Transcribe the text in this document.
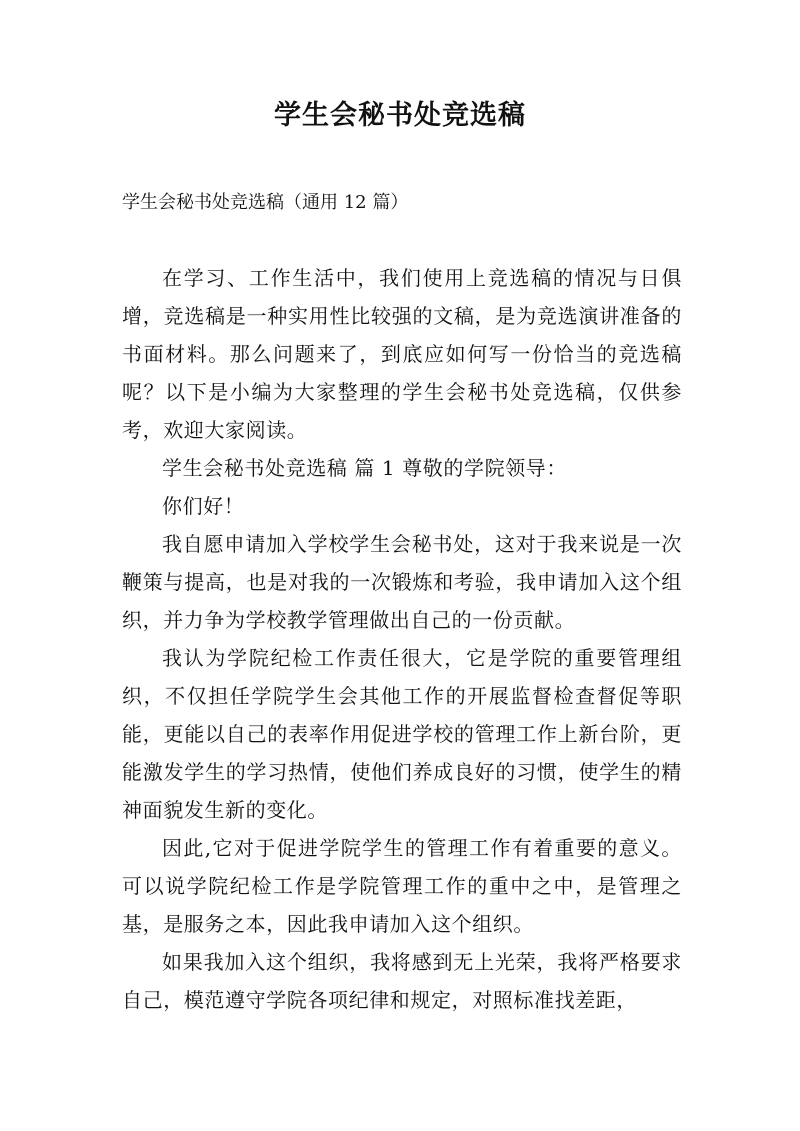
学生会秘书处竞选稿

学生会秘书处竞选稿（通用 12 篇）

在学习、工作生活中，我们使用上竞选稿的情况与日俱增，竞选稿是一种实用性比较强的文稿，是为竞选演讲准备的书面材料。那么问题来了，到底应如何写一份恰当的竞选稿呢？以下是小编为大家整理的学生会秘书处竞选稿，仅供参考，欢迎大家阅读。

学生会秘书处竞选稿 篇 1 尊敬的学院领导：

你们好！

我自愿申请加入学校学生会秘书处，这对于我来说是一次鞭策与提高，也是对我的一次锻炼和考验，我申请加入这个组织，并力争为学校教学管理做出自己的一份贡献。

我认为学院纪检工作责任很大，它是学院的重要管理组织，不仅担任学院学生会其他工作的开展监督检查督促等职能，更能以自己的表率作用促进学校的管理工作上新台阶，更能激发学生的学习热情，使他们养成良好的习惯，使学生的精神面貌发生新的变化。

因此,它对于促进学院学生的管理工作有着重要的意义。可以说学院纪检工作是学院管理工作的重中之中，是管理之基，是服务之本，因此我申请加入这个组织。

如果我加入这个组织，我将感到无上光荣，我将严格要求自己，模范遵守学院各项纪律和规定，对照标准找差距，
